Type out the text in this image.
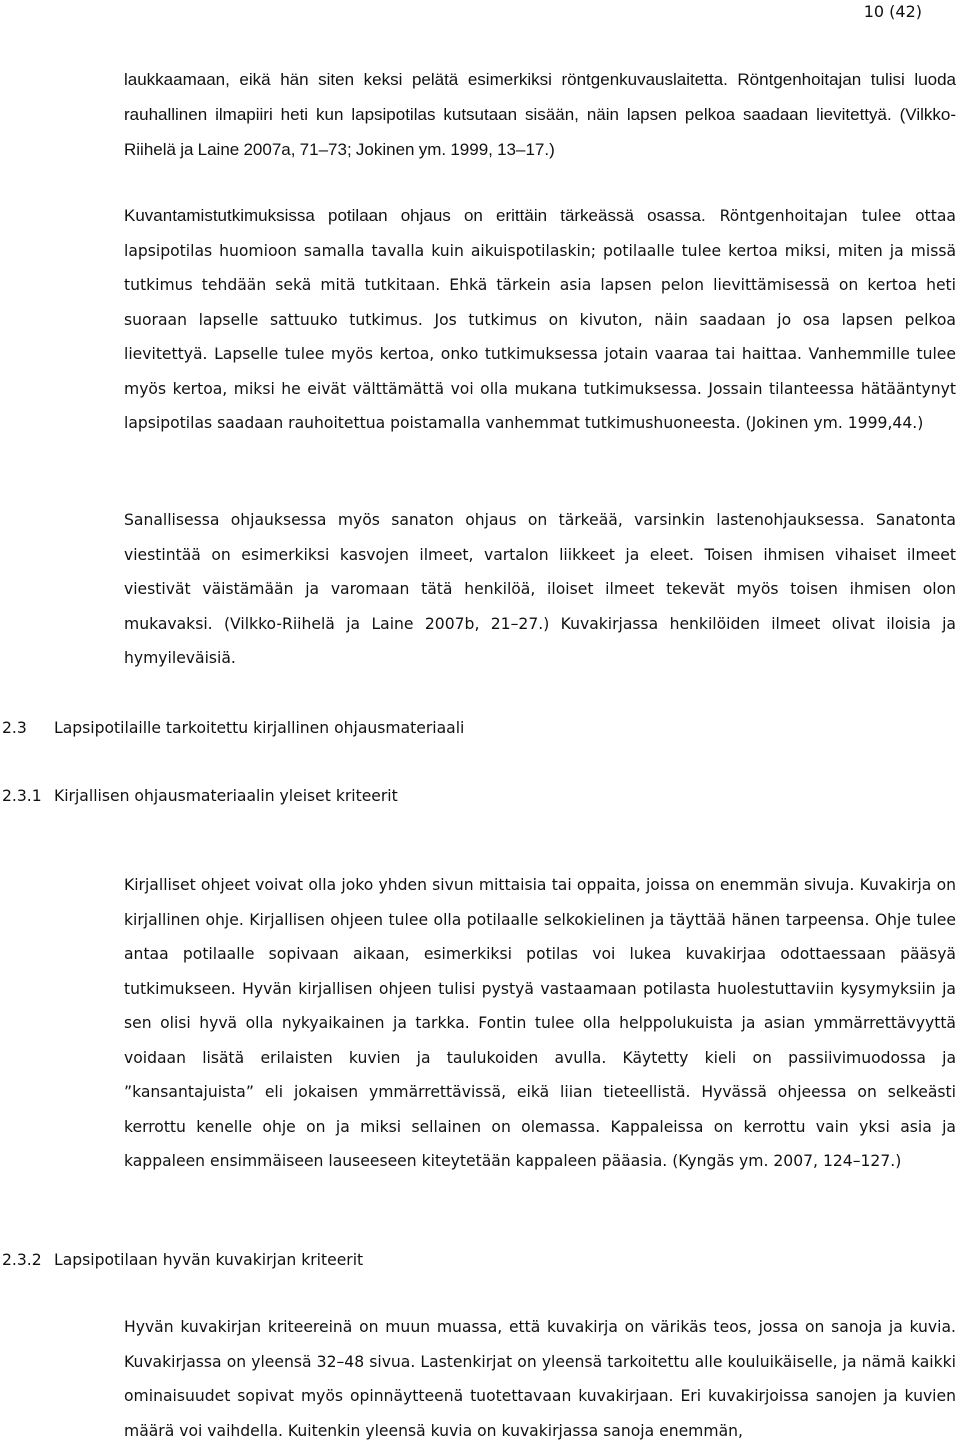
10 (42)

laukkaamaan, eikä hän siten keksi pelätä esimerkiksi röntgenkuvauslaitetta. Röntgenhoitajan tulisi luoda rauhallinen ilmapiiri heti kun lapsipotilas kutsutaan sisään, näin lapsen pelkoa saadaan lievitettyä. (Vilkko-Riihelä ja Laine 2007a, 71–73; Jokinen ym. 1999, 13–17.)

Kuvantamistutkimuksissa potilaan ohjaus on erittäin tärkeässä osassa. Röntgenhoitajan tulee ottaa lapsipotilas huomioon samalla tavalla kuin aikuispotilaskin; potilaalle tulee kertoa miksi, miten ja missä tutkimus tehdään sekä mitä tutkitaan. Ehkä tärkein asia lapsen pelon lievittämisessä on kertoa heti suoraan lapselle sattuuko tutkimus. Jos tutkimus on kivuton, näin saadaan jo osa lapsen pelkoa lievitettyä. Lapselle tulee myös kertoa, onko tutkimuksessa jotain vaaraa tai haittaa. Vanhemmille tulee myös kertoa, miksi he eivät välttämättä voi olla mukana tutkimuksessa. Jossain tilanteessa hätääntynyt lapsipotilas saadaan rauhoitettua poistamalla vanhemmat tutkimushuoneesta. (Jokinen ym. 1999,44.)

Sanallisessa ohjauksessa myös sanaton ohjaus on tärkeää, varsinkin lastenohjauksessa. Sanatonta viestintää on esimerkiksi kasvojen ilmeet, vartalon liikkeet ja eleet. Toisen ihmisen vihaiset ilmeet viestivät väistämään ja varomaan tätä henkilöä, iloiset ilmeet tekevät myös toisen ihmisen olon mukavaksi. (Vilkko-Riihelä ja Laine 2007b, 21–27.) Kuvakirjassa henkilöiden ilmeet olivat iloisia ja hymyileväisiä.

2.3 Lapsipotilaille tarkoitettu kirjallinen ohjausmateriaali
2.3.1 Kirjallisen ohjausmateriaalin yleiset kriteerit

Kirjalliset ohjeet voivat olla joko yhden sivun mittaisia tai oppaita, joissa on enemmän sivuja. Kuvakirja on kirjallinen ohje. Kirjallisen ohjeen tulee olla potilaalle selkokielinen ja täyttää hänen tarpeensa. Ohje tulee antaa potilaalle sopivaan aikaan, esimerkiksi potilas voi lukea kuvakirjaa odottaessaan pääsyä tutkimukseen. Hyvän kirjallisen ohjeen tulisi pystyä vastaamaan potilasta huolestuttaviin kysymyksiin ja sen olisi hyvä olla nykyaikainen ja tarkka. Fontin tulee olla helppolukuista ja asian ymmärrettävyyttä voidaan lisätä erilaisten kuvien ja taulukoiden avulla. Käytetty kieli on passiivimuodossa ja ”kansantajuista” eli jokaisen ymmärrettävissä, eikä liian tieteellistä. Hyvässä ohjeessa on selkeästi kerrottu kenelle ohje on ja miksi sellainen on olemassa. Kappaleissa on kerrottu vain yksi asia ja kappaleen ensimmäiseen lauseeseen kiteytetään kappaleen pääasia. (Kyngäs ym. 2007, 124–127.)

2.3.2 Lapsipotilaan hyvän kuvakirjan kriteerit

Hyvän kuvakirjan kriteereinä on muun muassa, että kuvakirja on värikäs teos, jossa on sanoja ja kuvia. Kuvakirjassa on yleensä 32–48 sivua. Lastenkirjat on yleensä tarkoitettu alle kouluikäiselle, ja nämä kaikki ominaisuudet sopivat myös opinnäytteenä tuotettavaan kuvakirjaan. Eri kuvakirjoissa sanojen ja kuvien määrä voi vaihdella. Kuitenkin yleensä kuvia on kuvakirjassa sanoja enemmän,
